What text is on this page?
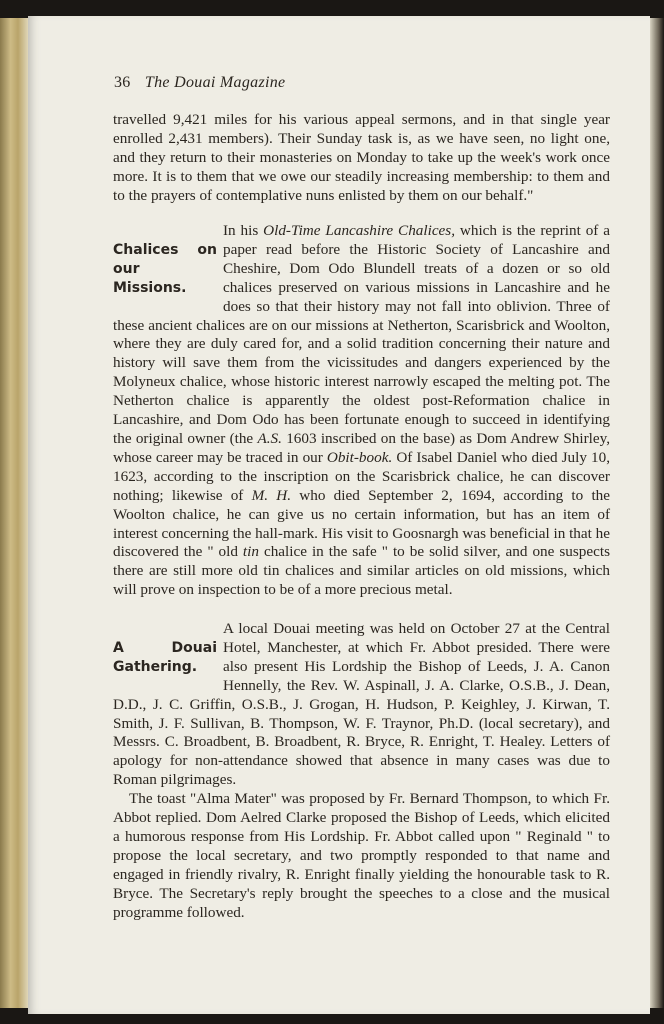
36 The Douai Magazine

travelled 9,421 miles for his various appeal sermons, and in that single year enrolled 2,431 members). Their Sunday task is, as we have seen, no light one, and they return to their monasteries on Monday to take up the week's work once more. It is to them that we owe our steadily increasing membership: to them and to the prayers of contemplative nuns enlisted by them on our behalf."

Chalices on our Missions.

In his Old-Time Lancashire Chalices, which is the reprint of a paper read before the Historic Society of Lancashire and Cheshire, Dom Odo Blundell treats of a dozen or so old chalices preserved on various missions in Lancashire and he does so that their history may not fall into oblivion. Three of these ancient chalices are on our missions at Netherton, Scarisbrick and Woolton, where they are duly cared for, and a solid tradition concerning their nature and history will save them from the vicissitudes and dangers experienced by the Molyneux chalice, whose historic interest narrowly escaped the melting pot. The Netherton chalice is apparently the oldest post-Reformation chalice in Lancashire, and Dom Odo has been fortunate enough to succeed in identifying the original owner (the A.S. 1603 inscribed on the base) as Dom Andrew Shirley, whose career may be traced in our Obit-book. Of Isabel Daniel who died July 10, 1623, according to the inscription on the Scarisbrick chalice, he can discover nothing; likewise of M. H. who died September 2, 1694, according to the Woolton chalice, he can give us no certain information, but has an item of interest concerning the hall-mark. His visit to Goosnargh was beneficial in that he discovered the " old tin chalice in the safe " to be solid silver, and one suspects there are still more old tin chalices and similar articles on old missions, which will prove on inspection to be of a more precious metal.

A Douai Gathering.

A local Douai meeting was held on October 27 at the Central Hotel, Manchester, at which Fr. Abbot presided. There were also present His Lordship the Bishop of Leeds, J. A. Canon Hennelly, the Rev. W. Aspinall, J. A. Clarke, O.S.B., J. Dean, D.D., J. C. Griffin, O.S.B., J. Grogan, H. Hudson, P. Keighley, J. Kirwan, T. Smith, J. F. Sullivan, B. Thompson, W. F. Traynor, Ph.D. (local secretary), and Messrs. C. Broadbent, B. Broadbent, R. Bryce, R. Enright, T. Healey. Letters of apology for non-attendance showed that absence in many cases was due to Roman pilgrimages.

The toast "Alma Mater" was proposed by Fr. Bernard Thompson, to which Fr. Abbot replied. Dom Aelred Clarke proposed the Bishop of Leeds, which elicited a humorous response from His Lordship. Fr. Abbot called upon " Reginald " to propose the local secretary, and two promptly responded to that name and engaged in friendly rivalry, R. Enright finally yielding the honourable task to R. Bryce. The Secretary's reply brought the speeches to a close and the musical programme followed.
